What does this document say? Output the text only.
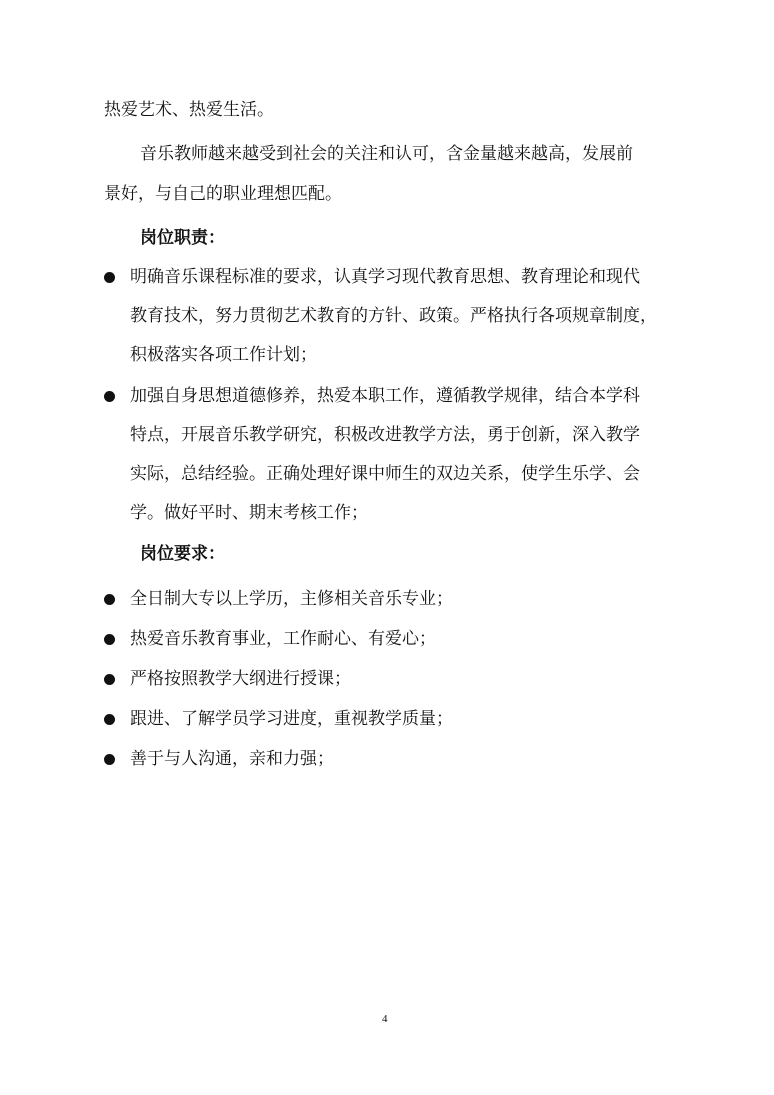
热爱艺术、热爱生活。
音乐教师越来越受到社会的关注和认可，含金量越来越高，发展前
景好，与自己的职业理想匹配。
岗位职责：
明确音乐课程标准的要求，认真学习现代教育思想、教育理论和现代
教育技术，努力贯彻艺术教育的方针、政策。严格执行各项规章制度，
积极落实各项工作计划；
加强自身思想道德修养，热爱本职工作，遵循教学规律，结合本学科
特点，开展音乐教学研究，积极改进教学方法，勇于创新，深入教学
实际，总结经验。正确处理好课中师生的双边关系，使学生乐学、会
学。做好平时、期末考核工作；
岗位要求：
全日制大专以上学历，主修相关音乐专业；
热爱音乐教育事业，工作耐心、有爱心；
严格按照教学大纲进行授课；
跟进、了解学员学习进度，重视教学质量；
善于与人沟通，亲和力强；
4
